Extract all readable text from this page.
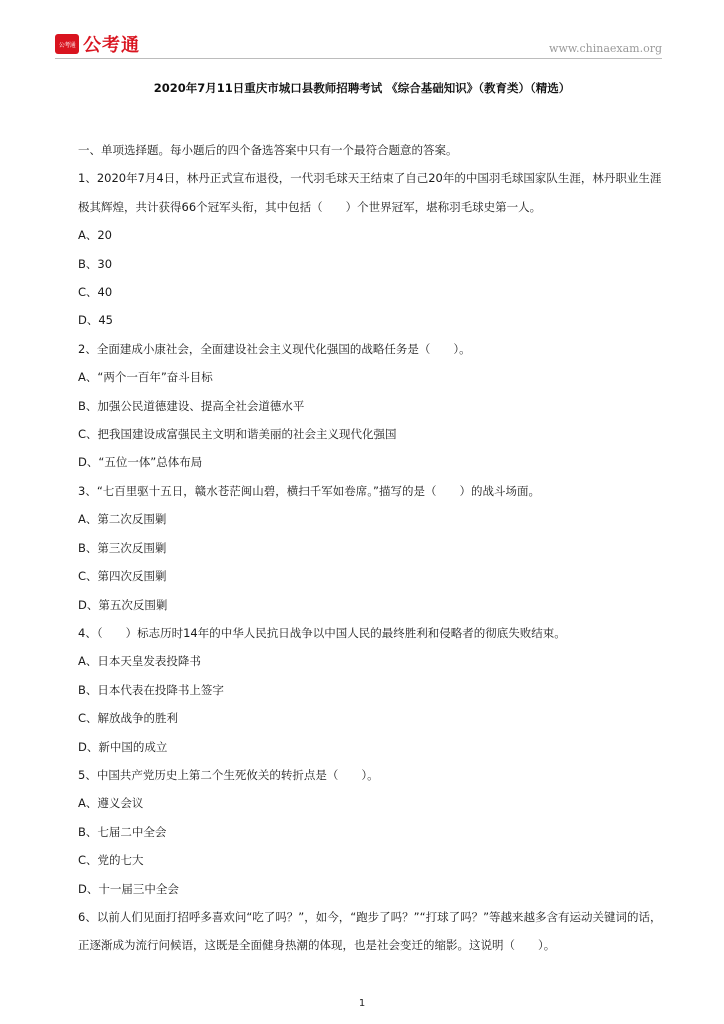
公考通 公考通	www.chinaexam.org
2020年7月11日重庆市城口县教师招聘考试 《综合基础知识》（教育类）（精选）
一、单项选择题。每小题后的四个备选答案中只有一个最符合题意的答案。
1、2020年7月4日，林丹正式宣布退役，一代羽毛球天王结束了自己20年的中国羽毛球国家队生涯，林丹职业生涯极其辉煌，共计获得66个冠军头衔，其中包括（　　）个世界冠军，堪称羽毛球史第一人。
A、20
B、30
C、40
D、45
2、全面建成小康社会，全面建设社会主义现代化强国的战略任务是（　　）。
A、“两个一百年”奋斗目标
B、加强公民道德建设、提高全社会道德水平
C、把我国建设成富强民主文明和谐美丽的社会主义现代化强国
D、“五位一体”总体布局
3、“七百里驱十五日，赣水苍茫闽山碧，横扫千军如卷席。”描写的是（　　）的战斗场面。
A、第二次反围剿
B、第三次反围剿
C、第四次反围剿
D、第五次反围剿
4、（　　）标志历时14年的中华人民抗日战争以中国人民的最终胜利和侵略者的彻底失败结束。
A、日本天皇发表投降书
B、日本代表在投降书上签字
C、解放战争的胜利
D、新中国的成立
5、中国共产党历史上第二个生死攸关的转折点是（　　）。
A、遵义会议
B、七届二中全会
C、党的七大
D、十一届三中全会
6、以前人们见面打招呼多喜欢问“吃了吗？”，如今，“跑步了吗？”“打球了吗？”等越来越多含有运动关键词的话，正逐渐成为流行问候语，这既是全面健身热潮的体现，也是社会变迁的缩影。这说明（　　）。
1
